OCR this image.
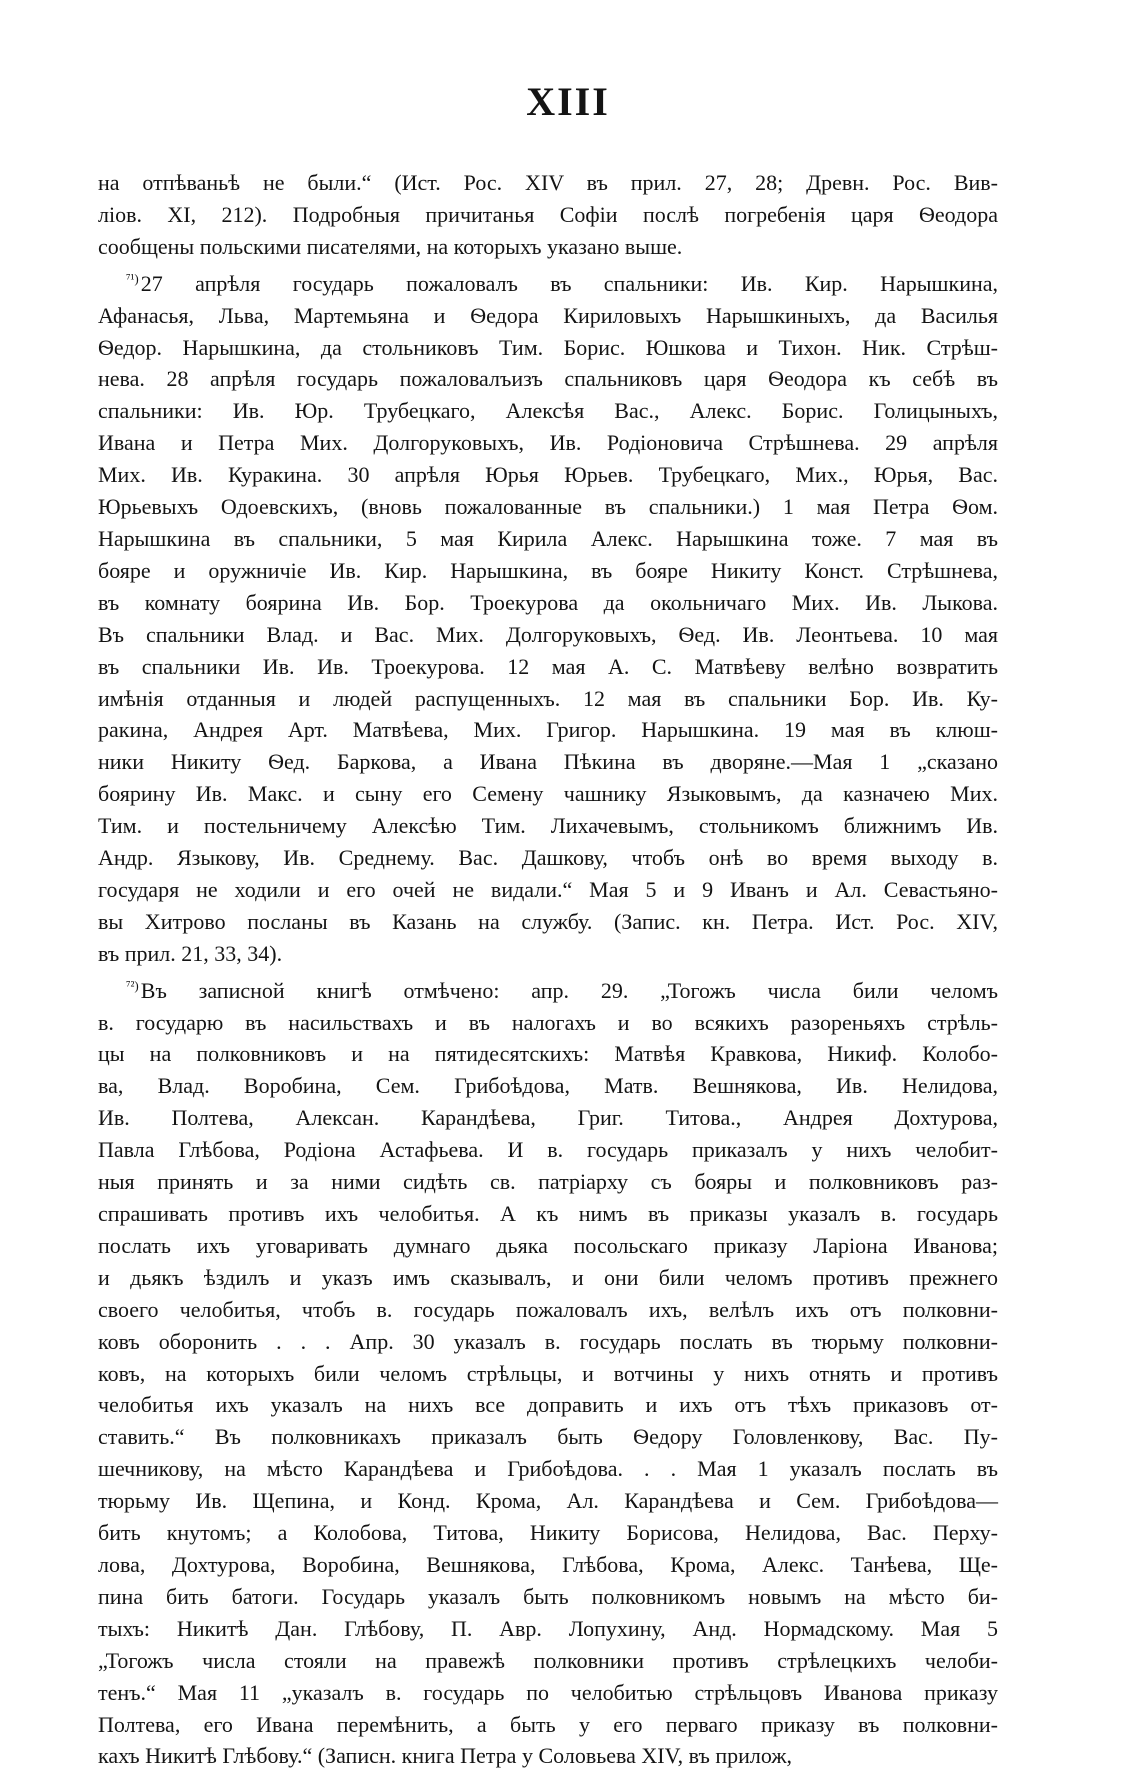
XIII
на отпѣваньѣ не были.“ (Ист. Рос. XIV въ прил. 27, 28; Древн. Рос. Вив-
ліов. XI, 212). Подробныя причитанья Софіи послѣ погребенія царя Ѳеодора
сообщены польскими писателями, на которыхъ указано выше.
$^{^{71})}$27 апрѣля государь пожаловалъ въ спальники: Ив. Кир. Нарышкина,
Афанасья, Льва, Мартемьяна и Ѳедора Кириловыхъ Нарышкиныхъ, да Василья
Ѳедор. Нарышкина, да стольниковъ Тим. Борис. Юшкова и Тихон. Ник. Стрѣш-
нева. 28 апрѣля государь пожаловалъизъ спальниковъ царя Ѳеодора къ себѣ въ
спальники: Ив. Юр. Трубецкаго, Алексѣя Вас., Алекс. Борис. Голицыныхъ,
Ивана и Петра Мих. Долгоруковыхъ, Ив. Родіоновича Стрѣшнева. 29 апрѣля
Мих. Ив. Куракина. 30 апрѣля Юрья Юрьев. Трубецкаго, Мих., Юрья, Вас.
Юрьевыхъ Одоевскихъ, (вновь пожалованные въ спальники.) 1 мая Петра Ѳом.
Нарышкина въ спальники, 5 мая Кирила Алекс. Нарышкина тоже. 7 мая въ
бояре и оружничіе Ив. Кир. Нарышкина, въ бояре Никиту Конст. Стрѣшнева,
въ комнату боярина Ив. Бор. Троекурова да окольничаго Мих. Ив. Лыкова.
Въ спальники Влад. и Вас. Мих. Долгоруковыхъ, Ѳед. Ив. Леонтьева. 10 мая
въ спальники Ив. Ив. Троекурова. 12 мая А. С. Матвѣеву велѣно возвратить
имѣнія отданныя и людей распущенныхъ. 12 мая въ спальники Бор. Ив. Ку-
ракина, Андрея Арт. Матвѣева, Мих. Григор. Нарышкина. 19 мая въ клюш-
ники Никиту Ѳед. Баркова, а Ивана Пѣкина въ дворяне.—Мая 1 „сказано
боярину Ив. Макс. и сыну его Семену чашнику Языковымъ, да казначею Мих.
Тим. и постельничему Алексѣю Тим. Лихачевымъ, стольникомъ ближнимъ Ив.
Андр. Языкову, Ив. Среднему. Вас. Дашкову, чтобъ онѣ во время выходу в.
государя не ходили и его очей не видали.“ Мая 5 и 9 Иванъ и Ал. Севастьяно-
вы Хитрово посланы въ Казань на службу. (Запис. кн. Петра. Ист. Рос. XIV,
въ прил. 21, 33, 34).
$^{^{72})}$Въ записной книгѣ отмѣчено: апр. 29. „Тогожъ числа били челомъ
в. государю въ насильствахъ и въ налогахъ и во всякихъ разореньяхъ стрѣль-
цы на полковниковъ и на пятидесятскихъ: Матвѣя Кравкова, Никиф. Колобо-
ва, Влад. Воробина, Сем. Грибоѣдова, Матв. Вешнякова, Ив. Нелидова,
Ив. Полтева, Алексан. Карандѣева, Григ. Титова., Андрея Дохтурова,
Павла Глѣбова, Родіона Астафьева. И в. государь приказалъ у нихъ челобит-
ныя принять и за ними сидѣть св. патріарху съ бояры и полковниковъ раз-
спрашивать противъ ихъ челобитья. А къ нимъ въ приказы указалъ в. государь
послать ихъ уговаривать думнаго дьяка посольскаго приказу Ларіона Иванова;
и дьякъ ѣздилъ и указъ имъ сказывалъ, и они били челомъ противъ прежнего
своего челобитья, чтобъ в. государь пожаловалъ ихъ, велѣлъ ихъ отъ полковни-
ковъ оборонить . . . Апр. 30 указалъ в. государь послать въ тюрьму полковни-
ковъ, на которыхъ били челомъ стрѣльцы, и вотчины у нихъ отнять и противъ
челобитья ихъ указалъ на нихъ все доправить и ихъ отъ тѣхъ приказовъ от-
ставить.“ Въ полковникахъ приказалъ быть Ѳедору Головленкову, Вас. Пу-
шечникову, на мѣсто Карандѣева и Грибоѣдова. . . Мая 1 указалъ послать въ
тюрьму Ив. Щепина, и Конд. Крома, Ал. Карандѣева и Сем. Грибоѣдова—
бить кнутомъ; а Колобова, Титова, Никиту Борисова, Нелидова, Вас. Перху-
лова, Дохтурова, Воробина, Вешнякова, Глѣбова, Крома, Алекс. Танѣева, Ще-
пина бить батоги. Государь указалъ быть полковникомъ новымъ на мѣсто би-
тыхъ: Никитѣ Дан. Глѣбову, П. Авр. Лопухину, Анд. Нормадскому. Мая 5
„Тогожъ числа стояли на правежѣ полковники противъ стрѣлецкихъ челоби-
тенъ.“ Мая 11 „указалъ в. государь по челобитью стрѣльцовъ Иванова приказу
Полтева, его Ивана перемѣнить, а быть у его перваго приказу въ полковни-
кахъ Никитѣ Глѣбову.“ (Записн. книга Петра у Соловьева XIV, въ прилож,
